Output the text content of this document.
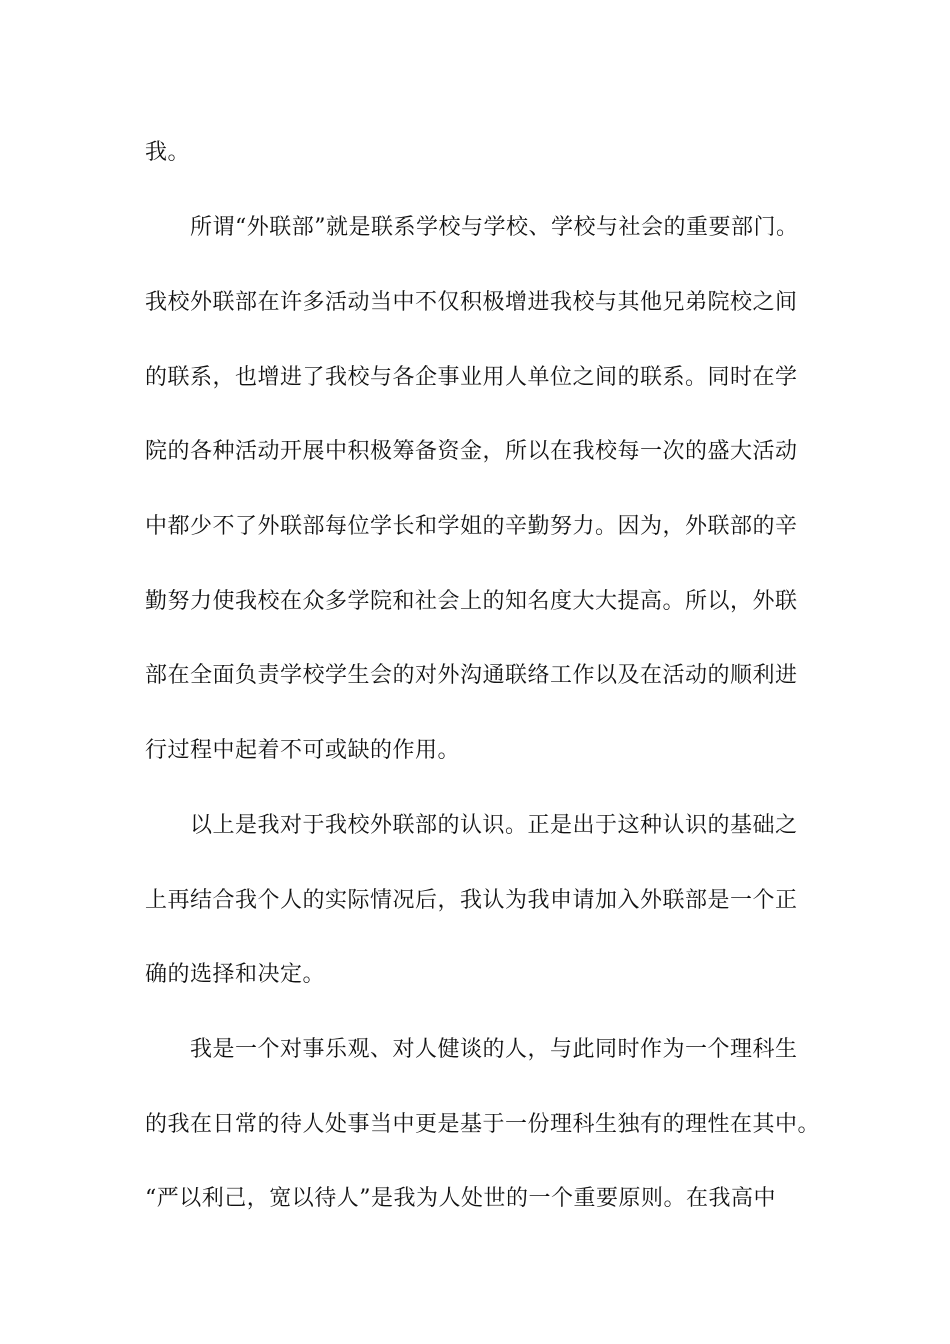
我。
所谓“外联部”就是联系学校与学校、学校与社会的重要部门。
我校外联部在许多活动当中不仅积极增进我校与其他兄弟院校之间
的联系，也增进了我校与各企事业用人单位之间的联系。同时在学
院的各种活动开展中积极筹备资金，所以在我校每一次的盛大活动
中都少不了外联部每位学长和学姐的辛勤努力。因为，外联部的辛
勤努力使我校在众多学院和社会上的知名度大大提高。所以，外联
部在全面负责学校学生会的对外沟通联络工作以及在活动的顺利进
行过程中起着不可或缺的作用。
以上是我对于我校外联部的认识。正是出于这种认识的基础之
上再结合我个人的实际情况后，我认为我申请加入外联部是一个正
确的选择和决定。
我是一个对事乐观、对人健谈的人，与此同时作为一个理科生
的我在日常的待人处事当中更是基于一份理科生独有的理性在其中。
“严以利己，宽以待人”是我为人处世的一个重要原则。在我高中
